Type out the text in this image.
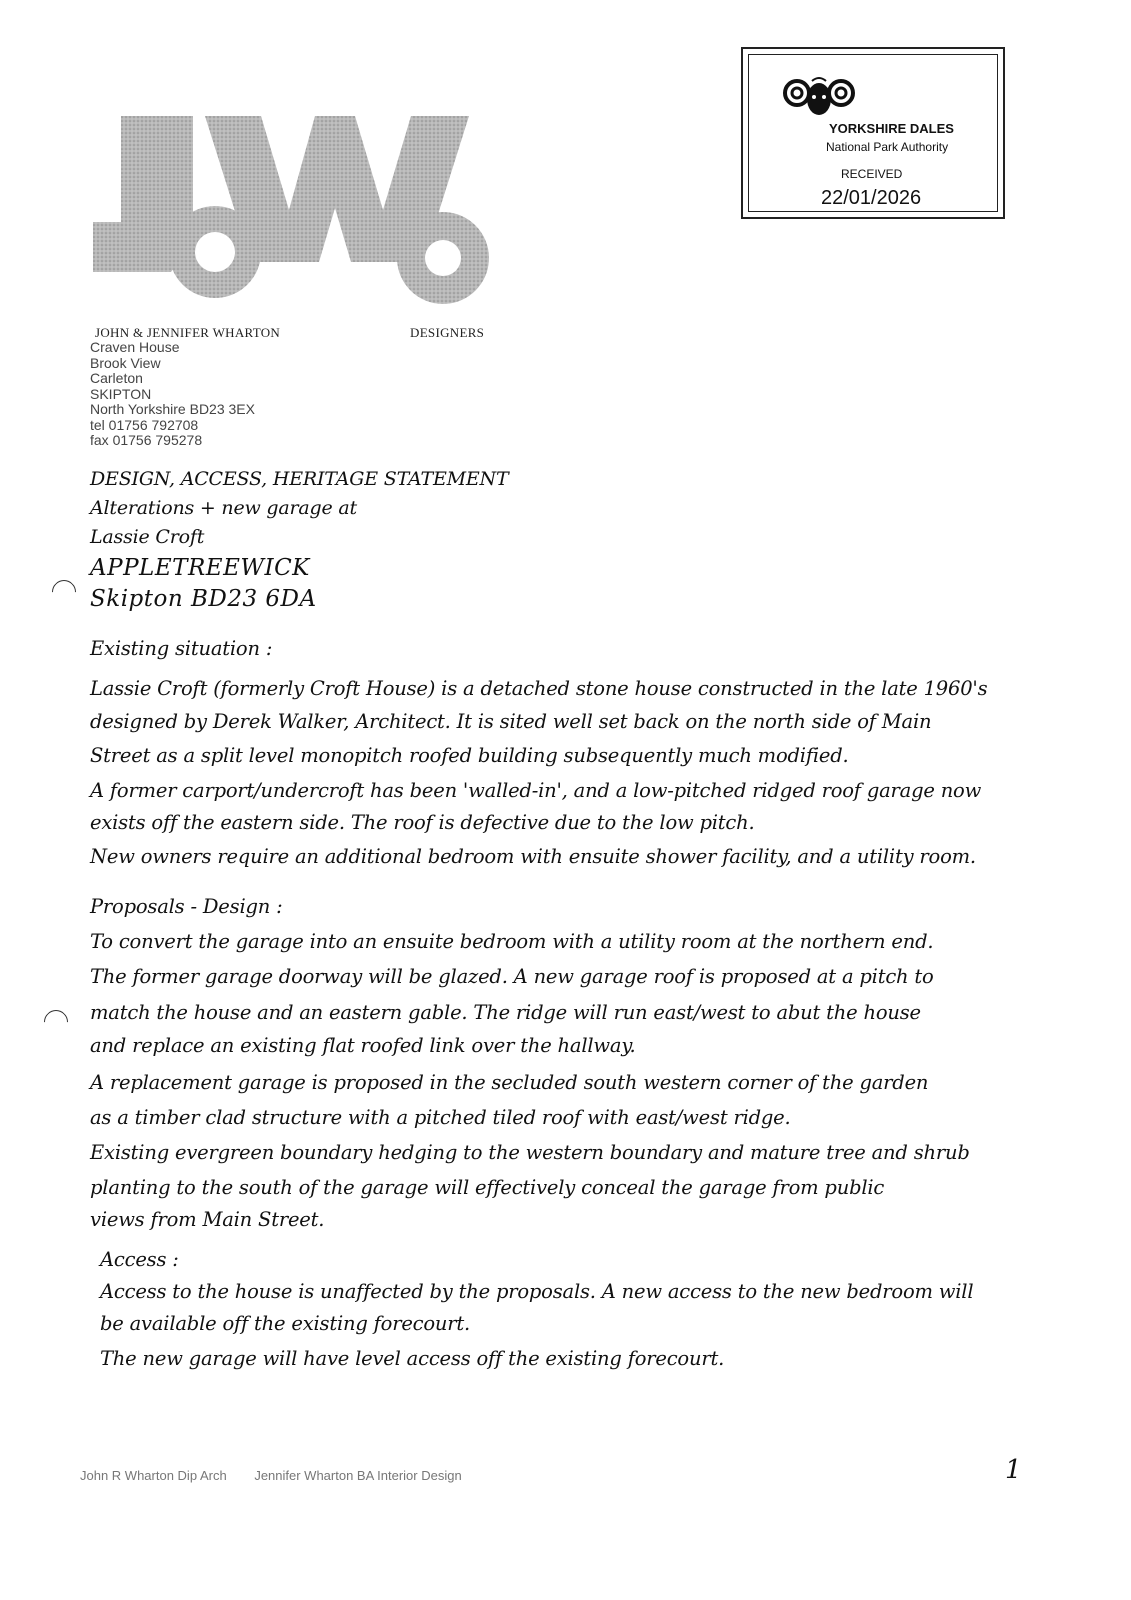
JOHN & JENNIFER WHARTON	DESIGNERS
Craven House
Brook View
Carleton
SKIPTON
North Yorkshire BD23 3EX
tel 01756 792708
fax 01756 795278
YORKSHIRE DALES
National Park Authority
RECEIVED
22/01/2026
DESIGN, ACCESS, HERITAGE STATEMENT
Alterations + new garage at
Lassie Croft
APPLETREEWICK
Skipton BD23 6DA
Existing situation :
Lassie Croft (formerly Croft House) is a detached stone house constructed in the late 1960's
designed by Derek Walker, Architect. It is sited well set back on the north side of Main
Street as a split level monopitch roofed building subsequently much modified.
A former carport/undercroft has been 'walled-in', and a low-pitched ridged roof garage now
exists off the eastern side. The roof is defective due to the low pitch.
New owners require an additional bedroom with ensuite shower facility, and a utility room.
Proposals - Design :
To convert the garage into an ensuite bedroom with a utility room at the northern end.
The former garage doorway will be glazed. A new garage roof is proposed at a pitch to
match the house and an eastern gable. The ridge will run east/west to abut the house
and replace an existing flat roofed link over the hallway.
A replacement garage is proposed in the secluded south western corner of the garden
as a timber clad structure with a pitched tiled roof with east/west ridge.
Existing evergreen boundary hedging to the western boundary and mature tree and shrub
planting to the south of the garage will effectively conceal the garage from public
views from Main Street.
Access :
Access to the house is unaffected by the proposals. A new access to the new bedroom will
be available off the existing forecourt.
The new garage will have level access off the existing forecourt.
John R Wharton Dip Arch Jennifer Wharton BA Interior Design	1
